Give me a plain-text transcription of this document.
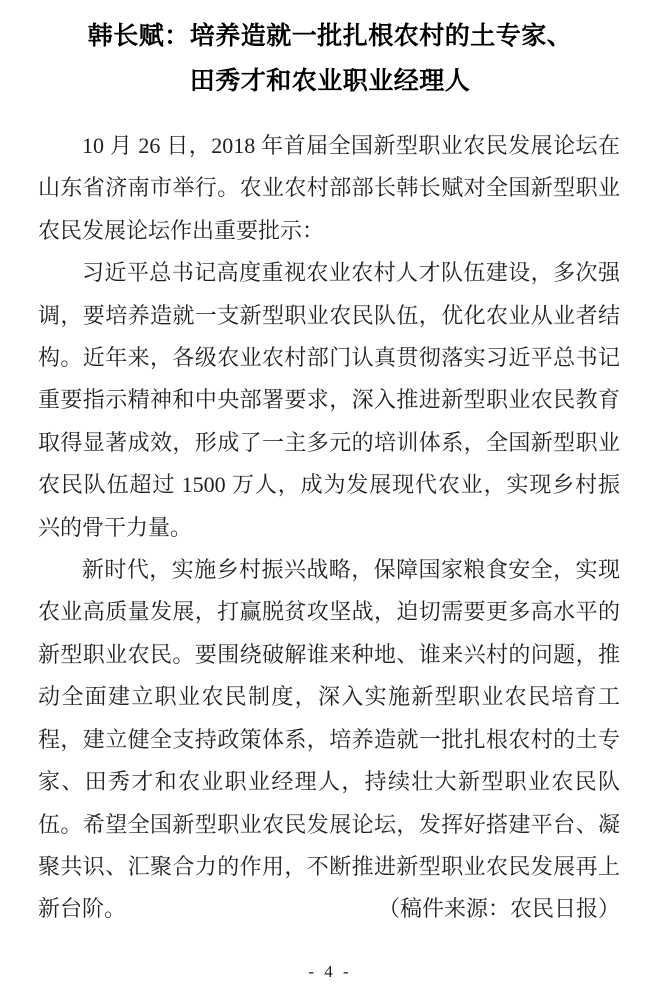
韩长赋：培养造就一批扎根农村的土专家、
田秀才和农业职业经理人

10 月 26 日，2018 年首届全国新型职业农民发展论坛在山东省济南市举行。农业农村部部长韩长赋对全国新型职业农民发展论坛作出重要批示：

习近平总书记高度重视农业农村人才队伍建设，多次强调，要培养造就一支新型职业农民队伍，优化农业从业者结构。近年来，各级农业农村部门认真贯彻落实习近平总书记重要指示精神和中央部署要求，深入推进新型职业农民教育取得显著成效，形成了一主多元的培训体系，全国新型职业农民队伍超过 1500 万人，成为发展现代农业，实现乡村振兴的骨干力量。

新时代，实施乡村振兴战略，保障国家粮食安全，实现农业高质量发展，打赢脱贫攻坚战，迫切需要更多高水平的新型职业农民。要围绕破解谁来种地、谁来兴村的问题，推动全面建立职业农民制度，深入实施新型职业农民培育工程，建立健全支持政策体系，培养造就一批扎根农村的土专家、田秀才和农业职业经理人，持续壮大新型职业农民队伍。希望全国新型职业农民发展论坛，发挥好搭建平台、凝聚共识、汇聚合力的作用，不断推进新型职业农民发展再上新台阶。	（稿件来源：农民日报）

- 4 -
